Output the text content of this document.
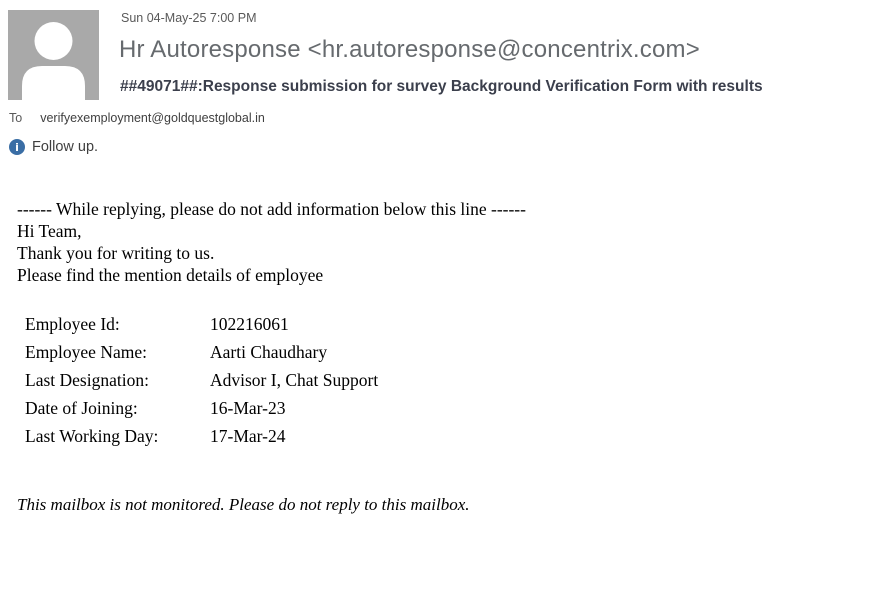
Sun 04-May-25 7:00 PM
Hr Autoresponse <hr.autoresponse@concentrix.com>
##49071##:Response submission for survey Background Verification Form with results
To verifyexemployment@goldquestglobal.in
i Follow up.
------ While replying, please do not add information below this line ------
Hi Team,
Thank you for writing to us.
Please find the mention details of employee
Employee Id:	102216061
Employee Name:	Aarti Chaudhary
Last Designation:	Advisor I, Chat Support
Date of Joining:	16-Mar-23
Last Working Day:	17-Mar-24
This mailbox is not monitored. Please do not reply to this mailbox.
